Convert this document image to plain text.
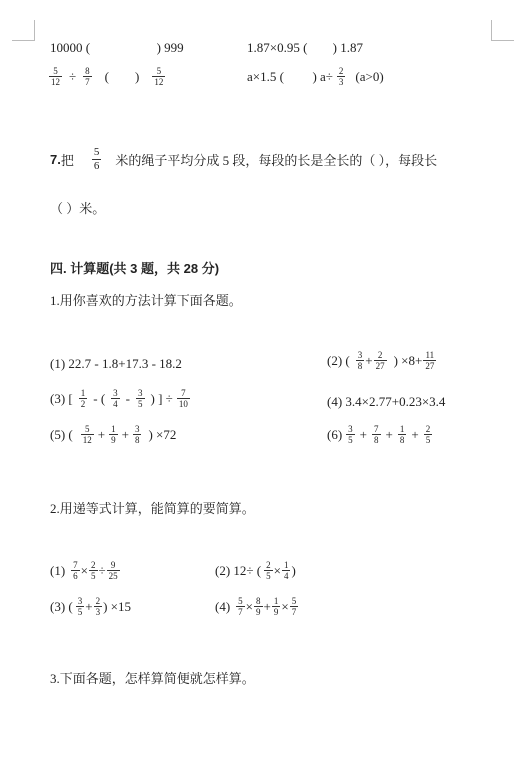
10000 (	) 999	1.87×0.95 ( ) 1.87
$\frac{5}{12} \div \frac{8}{7}$ (        ) $\frac{5}{12}$	a×1.5 ( ) $a\div \frac{2}{3} (a>0)$
7. 把 $\frac{5}{6}$ 米的绳子平均分成 5 段，每段的长是全长的（ ），每段长
（ ）米。
四. 计算题(共 3 题，共 28 分)
1.用你喜欢的方法计算下面各题。
(1) 22.7 - 1.8+17.3 - 18.2	(2) ( $\frac{3}{8} + \frac{2}{27}$ ) $\times 8+ \frac{11}{27}$
(3) [ $\frac{1}{2}$ - ( $\frac{3}{4} - \frac{3}{5}$ ) ] ÷ $\frac{7}{10}$	(4) 3.4×2.77+0.23×3.4
(5) ( $\frac{5}{12} + \frac{1}{9} + \frac{3}{8}$ ) ×72	$(6) \frac{3}{5} + \frac{7}{8} + \frac{1}{8} + \frac{2}{5}$
2.用递等式计算，能简算的要简算。
$(1) \frac{7}{6} \times \frac{2}{5} \div \frac{9}{25}$	(2) 12÷ ( $\frac{2}{5} \times \frac{1}{4}$ )
(3) ( $\frac{3}{5} + \frac{2}{3}$ ) ×15	$(4) \frac{5}{7} \times \frac{8}{9} + \frac{1}{9} \times \frac{5}{7}$
3.下面各题，怎样算简便就怎样算。
